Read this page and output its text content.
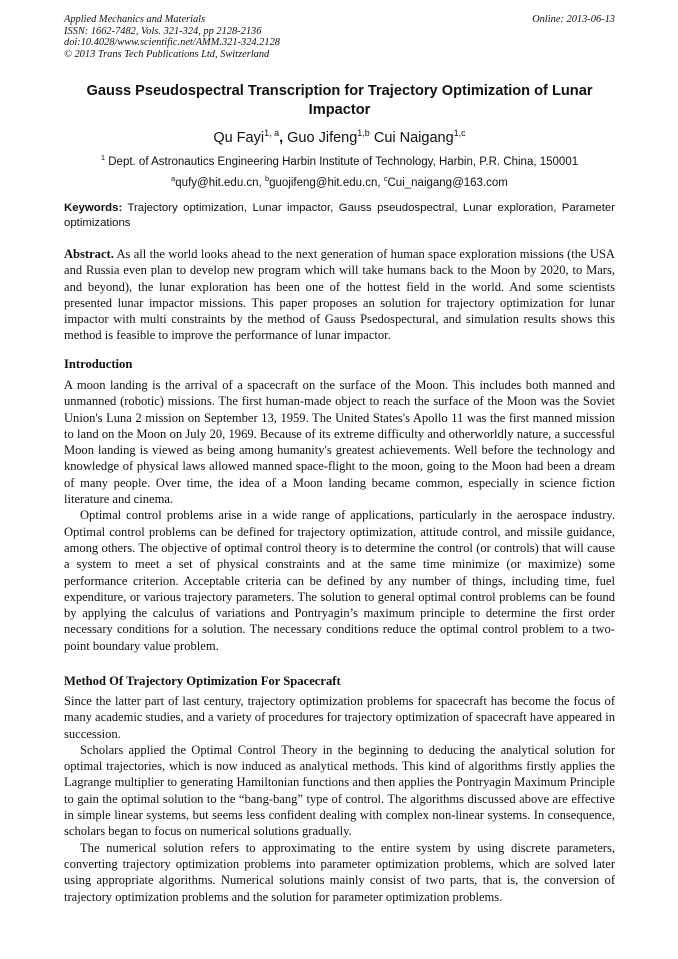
Applied Mechanics and Materials
ISSN: 1662-7482, Vols. 321-324, pp 2128-2136
doi:10.4028/www.scientific.net/AMM.321-324.2128
© 2013 Trans Tech Publications Ltd, Switzerland
Online: 2013-06-13
Gauss Pseudospectral Transcription for Trajectory Optimization of Lunar Impactor
Qu Fayi$^{1, a}$, Guo Jifeng$^{1,b}$ Cui Naigang$^{1,c}$
$^1$ Dept. of Astronautics Engineering Harbin Institute of Technology, Harbin, P.R. China, 150001
$^a$qufy@hit.edu.cn, $^b$guojifeng@hit.edu.cn, $^c$Cui_naigang@163.com
Keywords: Trajectory optimization, Lunar impactor, Gauss pseudospectral, Lunar exploration, Parameter optimizations

Abstract. As all the world looks ahead to the next generation of human space exploration missions (the USA and Russia even plan to develop new program which will take humans back to the Moon by 2020, to Mars, and beyond), the lunar exploration has been one of the hottest field in the world. And some scientists presented lunar impactor missions. This paper proposes an solution for trajectory optimization for lunar impactor with multi constraints by the method of Gauss Psedospectural, and simulation results shows this method is feasible to improve the performance of lunar impactor.

Introduction

A moon landing is the arrival of a spacecraft on the surface of the Moon. This includes both manned and unmanned (robotic) missions. The first human-made object to reach the surface of the Moon was the Soviet Union's Luna 2 mission on September 13, 1959. The United States's Apollo 11 was the first manned mission to land on the Moon on July 20, 1969. Because of its extreme difficulty and otherworldly nature, a successful Moon landing is viewed as being among humanity's greatest achievements. Well before the technology and knowledge of physical laws allowed manned space-flight to the moon, going to the Moon had been a dream of many people. Over time, the idea of a Moon landing became common, especially in science fiction literature and cinema.

Optimal control problems arise in a wide range of applications, particularly in the aerospace industry. Optimal control problems can be defined for trajectory optimization, attitude control, and missile guidance, among others. The objective of optimal control theory is to determine the control (or controls) that will cause a system to meet a set of physical constraints and at the same time minimize (or maximize) some performance criterion. Acceptable criteria can be defined by any number of things, including time, fuel expenditure, or various trajectory parameters. The solution to general optimal control problems can be found by applying the calculus of variations and Pontryagin’s maximum principle to determine the first order necessary conditions for a solution. The necessary conditions reduce the optimal control problem to a two-point boundary value problem.

Method Of Trajectory Optimization For Spacecraft

Since the latter part of last century, trajectory optimization problems for spacecraft has become the focus of many academic studies, and a variety of procedures for trajectory optimization of spacecraft have appeared in succession.

Scholars applied the Optimal Control Theory in the beginning to deducing the analytical solution for optimal trajectories, which is now induced as analytical methods. This kind of algorithms firstly applies the Lagrange multiplier to generating Hamiltonian functions and then applies the Pontryagin Maximum Principle to gain the optimal solution to the “bang-bang” type of control. The algorithms discussed above are effective in simple linear systems, but seems less confident dealing with complex non-linear systems. In consequence, scholars began to focus on numerical solutions gradually.

The numerical solution refers to approximating to the entire system by using discrete parameters, converting trajectory optimization problems into parameter optimization problems, which are solved later using appropriate algorithms. Numerical solutions mainly consist of two parts, that is, the conversion of trajectory optimization problems and the solution for parameter optimization problems.
